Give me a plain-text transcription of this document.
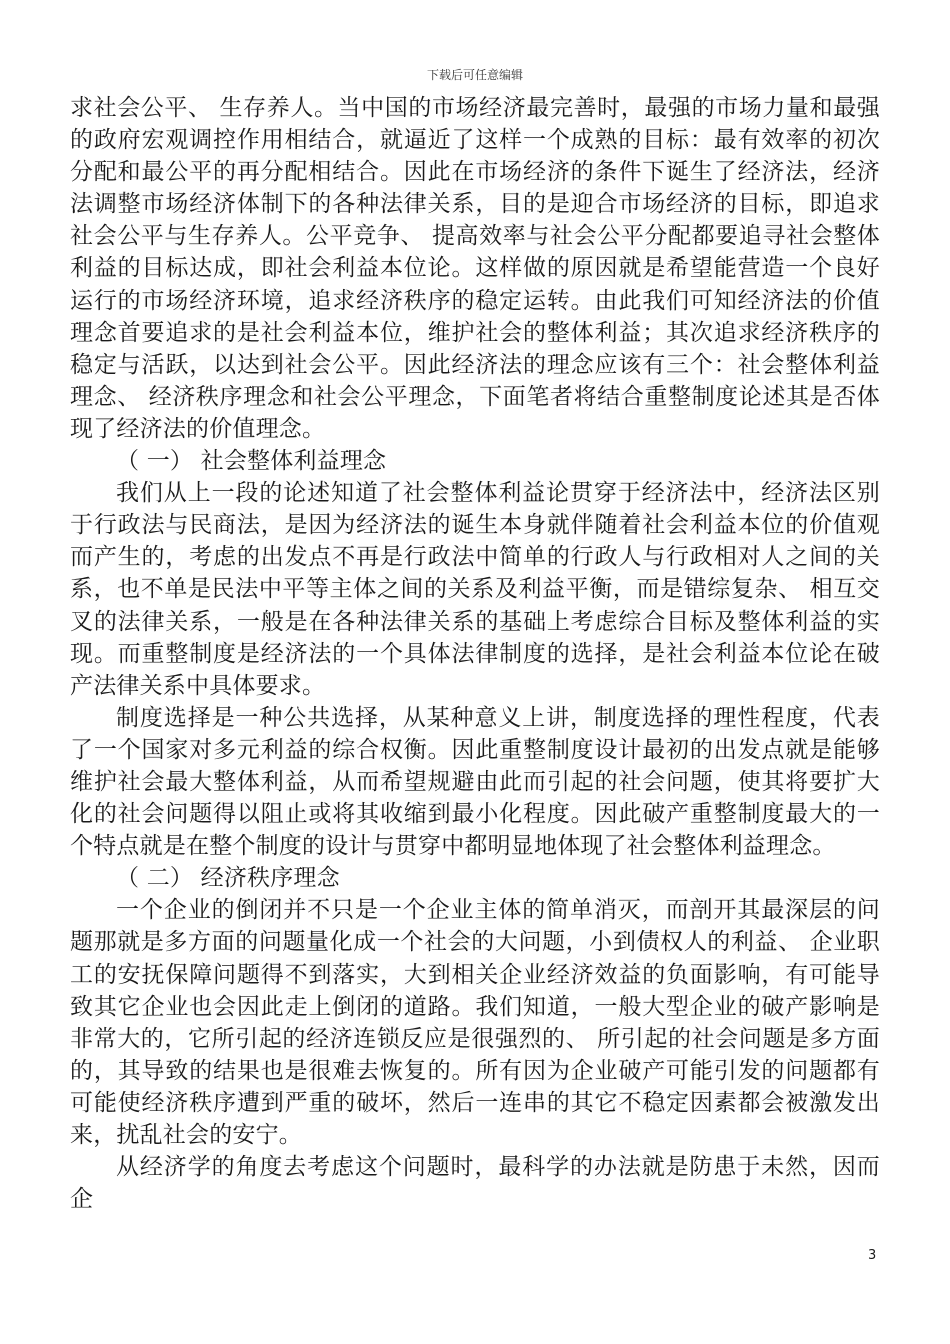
下载后可任意编辑

求社会公平、 生存养人。当中国的市场经济最完善时，最强的市场力量和最强的政府宏观调控作用相结合，就逼近了这样一个成熟的目标：最有效率的初次分配和最公平的再分配相结合。因此在市场经济的条件下诞生了经济法，经济法调整市场经济体制下的各种法律关系，目的是迎合市场经济的目标，即追求社会公平与生存养人。公平竞争、 提高效率与社会公平分配都要追寻社会整体利益的目标达成，即社会利益本位论。这样做的原因就是希望能营造一个良好运行的市场经济环境，追求经济秩序的稳定运转。由此我们可知经济法的价值理念首要追求的是社会利益本位，维护社会的整体利益；其次追求经济秩序的稳定与活跃，以达到社会公平。因此经济法的理念应该有三个：社会整体利益理念、 经济秩序理念和社会公平理念，下面笔者将结合重整制度论述其是否体现了经济法的价值理念。

（ 一） 社会整体利益理念

我们从上一段的论述知道了社会整体利益论贯穿于经济法中，经济法区别于行政法与民商法，是因为经济法的诞生本身就伴随着社会利益本位的价值观而产生的，考虑的出发点不再是行政法中简单的行政人与行政相对人之间的关系，也不单是民法中平等主体之间的关系及利益平衡，而是错综复杂、 相互交叉的法律关系，一般是在各种法律关系的基础上考虑综合目标及整体利益的实现。而重整制度是经济法的一个具体法律制度的选择，是社会利益本位论在破产法律关系中具体要求。

制度选择是一种公共选择，从某种意义上讲，制度选择的理性程度，代表了一个国家对多元利益的综合权衡。因此重整制度设计最初的出发点就是能够维护社会最大整体利益，从而希望规避由此而引起的社会问题，使其将要扩大化的社会问题得以阻止或将其收缩到最小化程度。因此破产重整制度最大的一个特点就是在整个制度的设计与贯穿中都明显地体现了社会整体利益理念。

（ 二） 经济秩序理念

一个企业的倒闭并不只是一个企业主体的简单消灭，而剖开其最深层的问题那就是多方面的问题量化成一个社会的大问题，小到债权人的利益、 企业职工的安抚保障问题得不到落实，大到相关企业经济效益的负面影响，有可能导致其它企业也会因此走上倒闭的道路。我们知道，一般大型企业的破产影响是非常大的，它所引起的经济连锁反应是很强烈的、 所引起的社会问题是多方面的，其导致的结果也是很难去恢复的。所有因为企业破产可能引发的问题都有可能使经济秩序遭到严重的破坏，然后一连串的其它不稳定因素都会被激发出来，扰乱社会的安宁。

从经济学的角度去考虑这个问题时，最科学的办法就是防患于未然，因而企

3
